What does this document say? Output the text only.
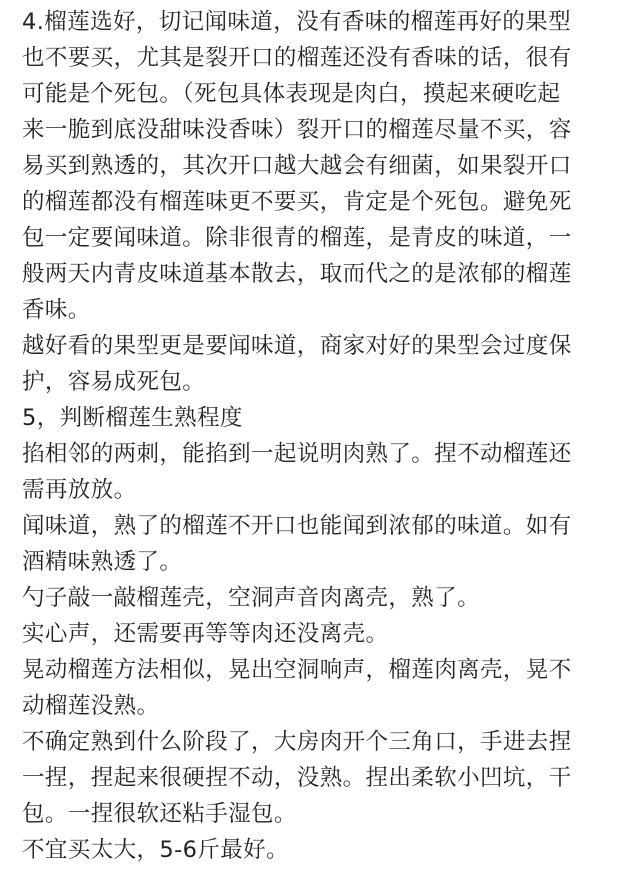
4.榴莲选好，切记闻味道，没有香味的榴莲再好的果型
也不要买，尤其是裂开口的榴莲还没有香味的话，很有
可能是个死包。（死包具体表现是肉白，摸起来硬吃起
来一脆到底没甜味没香味）裂开口的榴莲尽量不买，容
易买到熟透的，其次开口越大越会有细菌，如果裂开口
的榴莲都没有榴莲味更不要买，肯定是个死包。避免死
包一定要闻味道。除非很青的榴莲，是青皮的味道，一
般两天内青皮味道基本散去，取而代之的是浓郁的榴莲
香味。

越好看的果型更是要闻味道，商家对好的果型会过度保
护，容易成死包。

5，判断榴莲生熟程度

掐相邻的两刺，能掐到一起说明肉熟了。捏不动榴莲还
需再放放。

闻味道，熟了的榴莲不开口也能闻到浓郁的味道。如有
酒精味熟透了。

勺子敲一敲榴莲壳，空洞声音肉离壳，熟了。

实心声，还需要再等等肉还没离壳。

晃动榴莲方法相似，晃出空洞响声，榴莲肉离壳，晃不
动榴莲没熟。

不确定熟到什么阶段了，大房肉开个三角口，手进去捏
一捏，捏起来很硬捏不动，没熟。捏出柔软小凹坑，干
包。一捏很软还粘手湿包。

不宜买太大，5-6斤最好。
